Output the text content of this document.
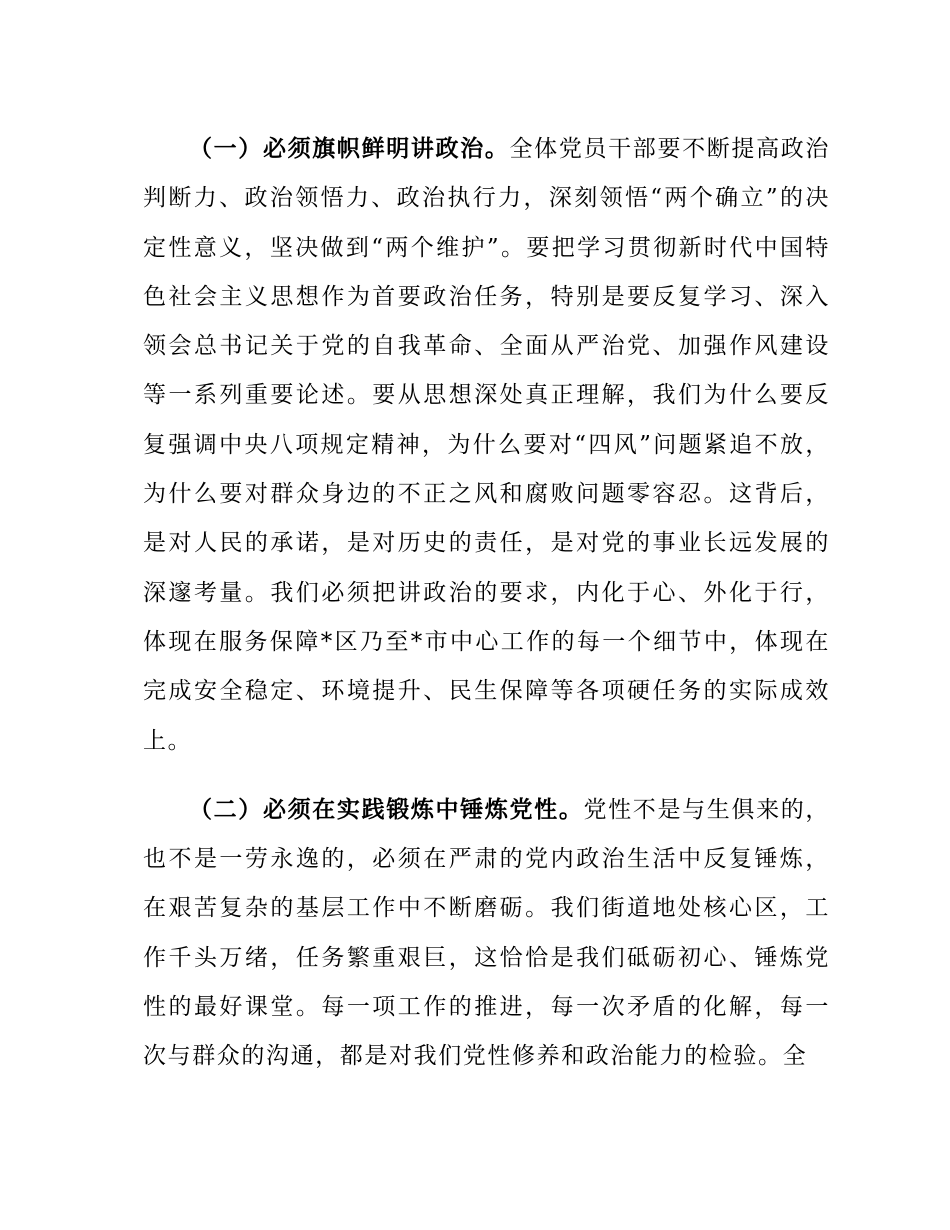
（一）必须旗帜鲜明讲政治。全体党员干部要不断提高政治判断力、政治领悟力、政治执行力，深刻领悟“两个确立”的决定性意义，坚决做到“两个维护”。要把学习贯彻新时代中国特色社会主义思想作为首要政治任务，特别是要反复学习、深入领会总书记关于党的自我革命、全面从严治党、加强作风建设等一系列重要论述。要从思想深处真正理解，我们为什么要反复强调中央八项规定精神，为什么要对“四风”问题紧追不放，为什么要对群众身边的不正之风和腐败问题零容忍。这背后，是对人民的承诺，是对历史的责任，是对党的事业长远发展的深邃考量。我们必须把讲政治的要求，内化于心、外化于行，体现在服务保障*区乃至*市中心工作的每一个细节中，体现在完成安全稳定、环境提升、民生保障等各项硬任务的实际成效上。

（二）必须在实践锻炼中锤炼党性。党性不是与生俱来的，也不是一劳永逸的，必须在严肃的党内政治生活中反复锤炼，在艰苦复杂的基层工作中不断磨砺。我们街道地处核心区，工作千头万绪，任务繁重艰巨，这恰恰是我们砥砺初心、锤炼党性的最好课堂。每一项工作的推进，每一次矛盾的化解，每一次与群众的沟通，都是对我们党性修养和政治能力的检验。全
